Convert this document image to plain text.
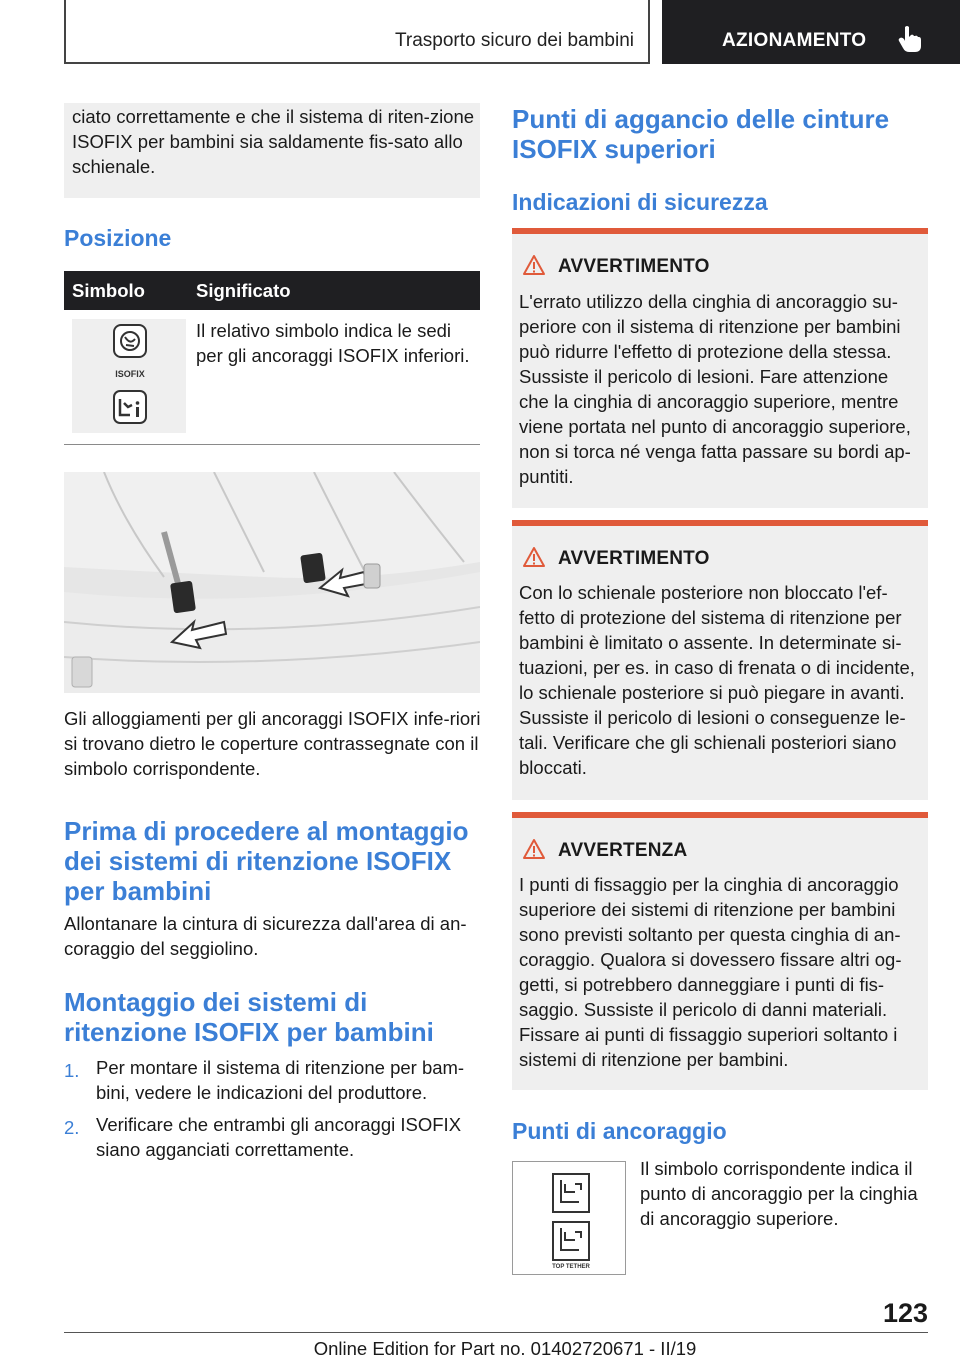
Trasporto sicuro dei bambini	AZIONAMENTO
ciato correttamente e che il sistema di riten-zione ISOFIX per bambini sia saldamente fis-sato allo schienale.
Posizione
Simbolo	Significato
ISOFIX
Il relativo simbolo indica le sedi per gli ancoraggi ISOFIX inferiori.
Gli alloggiamenti per gli ancoraggi ISOFIX infe-riori si trovano dietro le coperture contrassegnate con il simbolo corrispondente.
Prima di procedere al montaggio dei sistemi di ritenzione ISOFIX per bambini
Allontanare la cintura di sicurezza dall'area di an-coraggio del seggiolino.
Montaggio dei sistemi di ritenzione ISOFIX per bambini
1. Per montare il sistema di ritenzione per bam-bini, vedere le indicazioni del produttore.
2. Verificare che entrambi gli ancoraggi ISOFIX siano agganciati correttamente.
Punti di aggancio delle cinture ISOFIX superiori
Indicazioni di sicurezza
AVVERTIMENTO
L'errato utilizzo della cinghia di ancoraggio su-periore con il sistema di ritenzione per bambini può ridurre l'effetto di protezione della stessa. Sussiste il pericolo di lesioni. Fare attenzione che la cinghia di ancoraggio superiore, mentre viene portata nel punto di ancoraggio superiore, non si torca né venga fatta passare su bordi ap-puntiti.
AVVERTIMENTO
Con lo schienale posteriore non bloccato l'ef-fetto di protezione del sistema di ritenzione per bambini è limitato o assente. In determinate si-tuazioni, per es. in caso di frenata o di incidente, lo schienale posteriore si può piegare in avanti. Sussiste il pericolo di lesioni o conseguenze le-tali. Verificare che gli schienali posteriori siano bloccati.
AVVERTENZA
I punti di fissaggio per la cinghia di ancoraggio superiore dei sistemi di ritenzione per bambini sono previsti soltanto per questa cinghia di an-coraggio. Qualora si dovessero fissare altri og-getti, si potrebbero danneggiare i punti di fis-saggio. Sussiste il pericolo di danni materiali. Fissare ai punti di fissaggio superiori soltanto i sistemi di ritenzione per bambini.
Punti di ancoraggio
TOP TETHER
Il simbolo corrispondente indica il punto di ancoraggio per la cinghia di ancoraggio superiore.
123
Online Edition for Part no. 01402720671 - II/19
